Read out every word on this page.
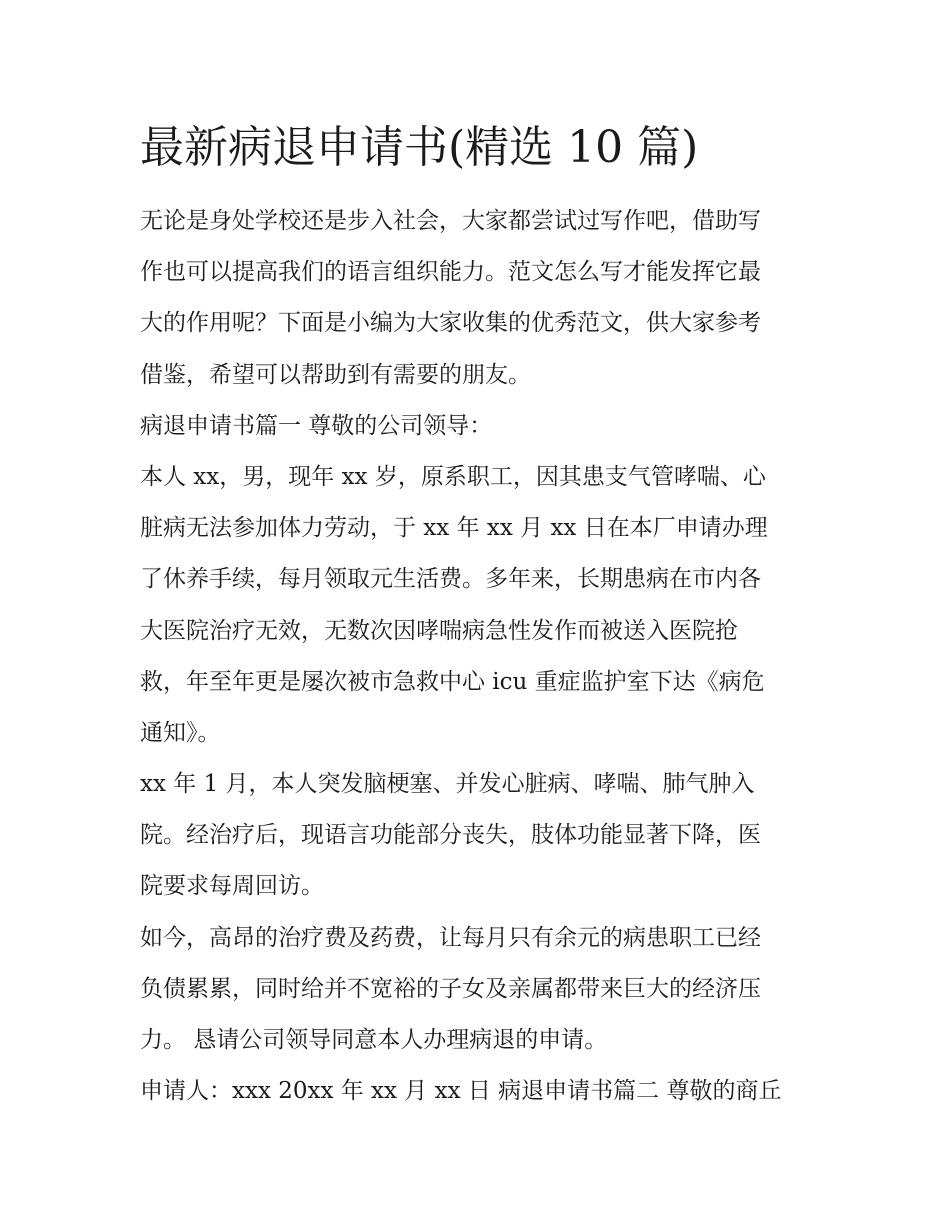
最新病退申请书(精选 10 篇)

无论是身处学校还是步入社会，大家都尝试过写作吧，借助写
作也可以提高我们的语言组织能力。范文怎么写才能发挥它最
大的作用呢？下面是小编为大家收集的优秀范文，供大家参考
借鉴，希望可以帮助到有需要的朋友。

病退申请书篇一 尊敬的公司领导：

本人 xx，男，现年 xx 岁，原系职工，因其患支气管哮喘、心
脏病无法参加体力劳动，于 xx 年 xx 月 xx 日在本厂申请办理
了休养手续，每月领取元生活费。多年来，长期患病在市内各
大医院治疗无效，无数次因哮喘病急性发作而被送入医院抢
救，年至年更是屡次被市急救中心 icu 重症监护室下达《病危
通知》。

xx 年 1 月，本人突发脑梗塞、并发心脏病、哮喘、肺气肿入
院。经治疗后，现语言功能部分丧失，肢体功能显著下降，医
院要求每周回访。

如今，高昂的治疗费及药费，让每月只有余元的病患职工已经
负债累累，同时给并不宽裕的子女及亲属都带来巨大的经济压
力。 恳请公司领导同意本人办理病退的申请。

申请人：xxx 20xx 年 xx 月 xx 日 病退申请书篇二 尊敬的商丘
